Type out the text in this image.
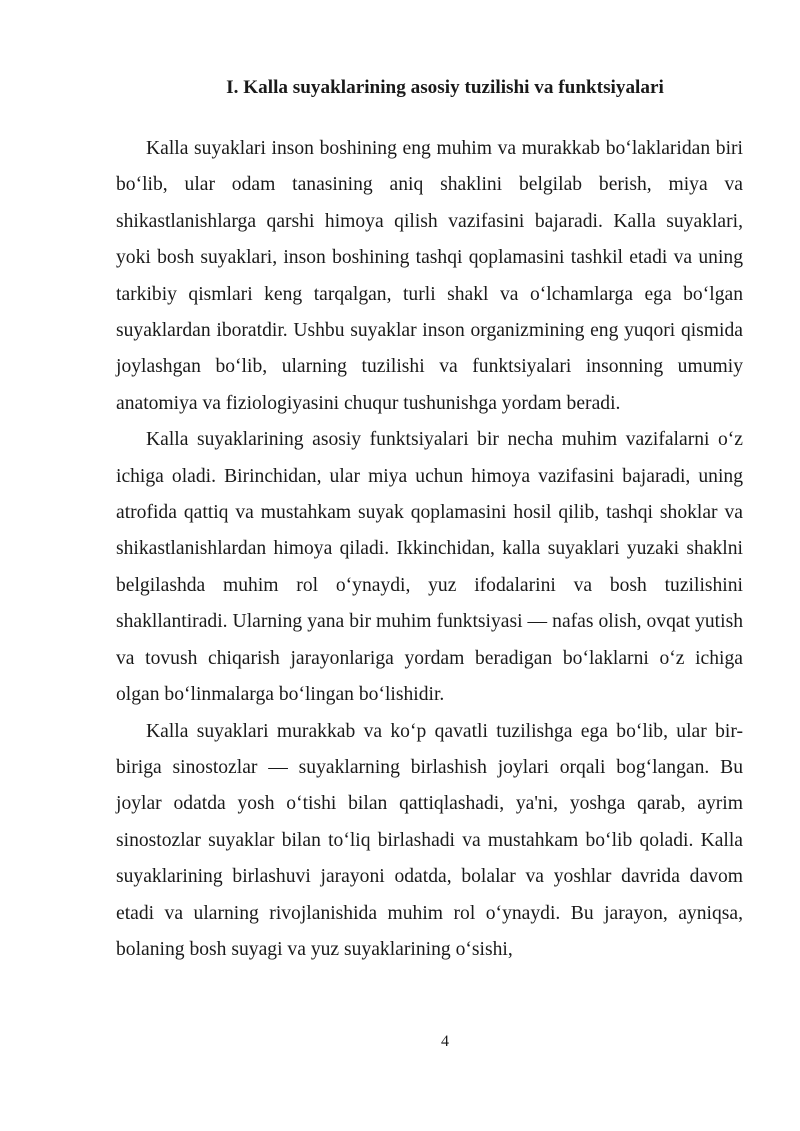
I. Kalla suyaklarining asosiy tuzilishi va funktsiyalari

Kalla suyaklari inson boshining eng muhim va murakkab bo‘laklaridan biri bo‘lib, ular odam tanasining aniq shaklini belgilab berish, miya va shikastlanishlarga qarshi himoya qilish vazifasini bajaradi. Kalla suyaklari, yoki bosh suyaklari, inson boshining tashqi qoplamasini tashkil etadi va uning tarkibiy qismlari keng tarqalgan, turli shakl va o‘lchamlarga ega bo‘lgan suyaklardan iboratdir. Ushbu suyaklar inson organizmining eng yuqori qismida joylashgan bo‘lib, ularning tuzilishi va funktsiyalari insonning umumiy anatomiya va fiziologiyasini chuqur tushunishga yordam beradi.

Kalla suyaklarining asosiy funktsiyalari bir necha muhim vazifalarni o‘z ichiga oladi. Birinchidan, ular miya uchun himoya vazifasini bajaradi, uning atrofida qattiq va mustahkam suyak qoplamasini hosil qilib, tashqi shoklar va shikastlanishlardan himoya qiladi. Ikkinchidan, kalla suyaklari yuzaki shaklni belgilashda muhim rol o‘ynaydi, yuz ifodalarini va bosh tuzilishini shakllantiradi. Ularning yana bir muhim funktsiyasi — nafas olish, ovqat yutish va tovush chiqarish jarayonlariga yordam beradigan bo‘laklarni o‘z ichiga olgan bo‘linmalarga bo‘lingan bo‘lishidir.

Kalla suyaklari murakkab va ko‘p qavatli tuzilishga ega bo‘lib, ular bir-biriga sinostozlar — suyaklarning birlashish joylari orqali bog‘langan. Bu joylar odatda yosh o‘tishi bilan qattiqlashadi, ya'ni, yoshga qarab, ayrim sinostozlar suyaklar bilan to‘liq birlashadi va mustahkam bo‘lib qoladi. Kalla suyaklarining birlashuvi jarayoni odatda, bolalar va yoshlar davrida davom etadi va ularning rivojlanishida muhim rol o‘ynaydi. Bu jarayon, ayniqsa, bolaning bosh suyagi va yuz suyaklarining o‘sishi,

4
